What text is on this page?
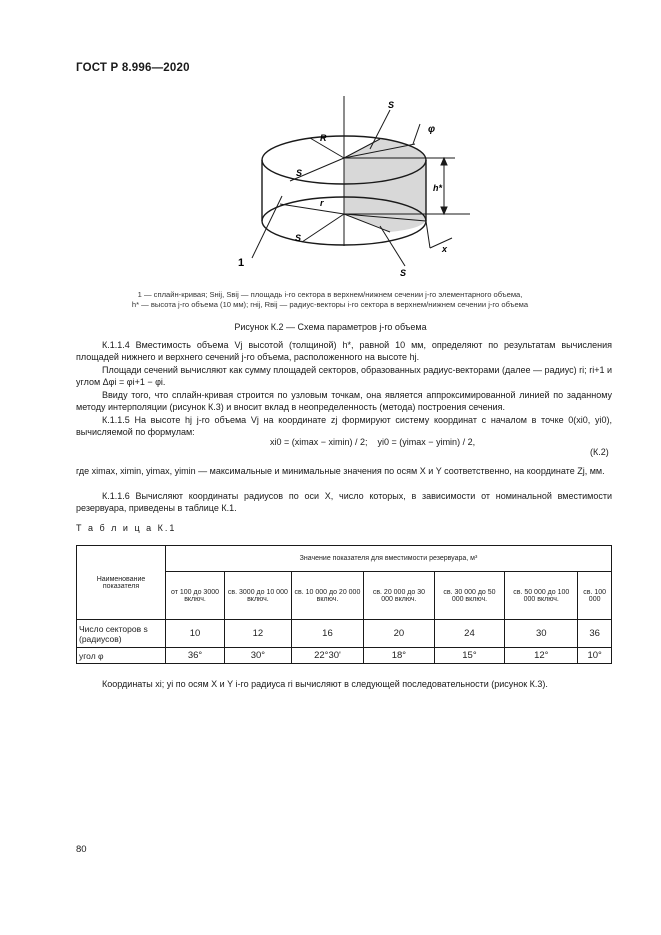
ГОСТ Р 8.996—2020
S
R
φ
S
h*
r
S
1
x
S
1 — сплайн-кривая; Sнij, Sвij — площадь i-го сектора в верхнем/нижнем сечении j-го элементарного объема,
h* — высота j-го объема (10 мм); rнij, Rвij — радиус-векторы i-го сектора в верхнем/нижнем сечении j-го объема
Рисунок К.2 — Схема параметров j-го объема
К.1.1.4 Вместимость объема Vj высотой (толщиной) h*, равной 10 мм, определяют по результатам вычисления площадей нижнего и верхнего сечений j-го объема, расположенного на высоте hj.
Площади сечений вычисляют как сумму площадей секторов, образованных радиус-векторами (далее — радиус) ri; ri+1 и углом Δφi = φi+1 − φi.
Ввиду того, что сплайн-кривая строится по узловым точкам, она является аппроксимированной линией по заданному методу интерполяции (рисунок К.3) и вносит вклад в неопределенность (метода) построения сечения.
К.1.1.5 На высоте hj j-го объема Vj на координате zj формируют систему координат с началом в точке 0(xi0, yi0), вычисляемой по формулам:
xi0 = (ximax − ximin) / 2; yi0 = (yimax − yimin) / 2,
(К.2)
где ximax, ximin, yimax, yimin — максимальные и минимальные значения по осям X и Y соответственно, на координате Zj, мм.
К.1.1.6 Вычисляют координаты радиусов по оси X, число которых, в зависимости от номинальной вместимости резервуара, приведены в таблице К.1.
Т а б л и ц а К.1
Наименование показателя	Значение показателя для вместимости резервуара, м³						
	от 100 до 3000 включ.	св. 3000 до 10 000 включ.	св. 10 000 до 20 000 включ.	св. 20 000 до 30 000 включ.	св. 30 000 до 50 000 включ.	св. 50 000 до 100 000 включ.	св. 100 000
Число секторов s (радиусов)	10	12	16	20	24	30	36
угол φ	36°	30°	22°30'	18°	15°	12°	10°
Координаты xi; yi по осям X и Y i-го радиуса ri вычисляют в следующей последовательности (рисунок К.3).
80
